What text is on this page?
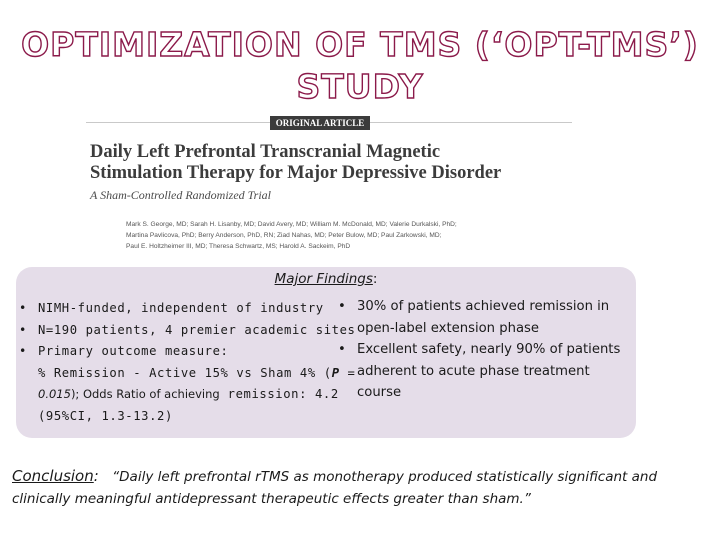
OPTIMIZATION OF TMS (‘OPT-TMS’)
STUDY
ORIGINAL ARTICLE
Daily Left Prefrontal Transcranial Magnetic
Stimulation Therapy for Major Depressive Disorder
A Sham-Controlled Randomized Trial
Mark S. George, MD; Sarah H. Lisanby, MD; David Avery, MD; William M. McDonald, MD; Valerie Durkalski, PhD;
Martina Pavlicova, PhD; Berry Anderson, PhD, RN; Ziad Nahas, MD; Peter Bulow, MD; Paul Zarkowski, MD;
Paul E. Holtzheimer III, MD; Theresa Schwartz, MS; Harold A. Sackeim, PhD
Major Findings:
• NIMH-funded, independent of industry
• N=190 patients, 4 premier academic sites
• Primary outcome measure:
% Remission - Active 15% vs Sham 4% (P =
0.015); Odds Ratio of achieving remission: 4.2 (95%CI, 1.3-13.2)
• 30% of patients achieved remission in open-label extension phase
• Excellent safety, nearly 90% of patients adherent to acute phase treatment course
Conclusion: “Daily left prefrontal rTMS as monotherapy produced statistically significant and clinically meaningful antidepressant therapeutic effects greater than sham.”
